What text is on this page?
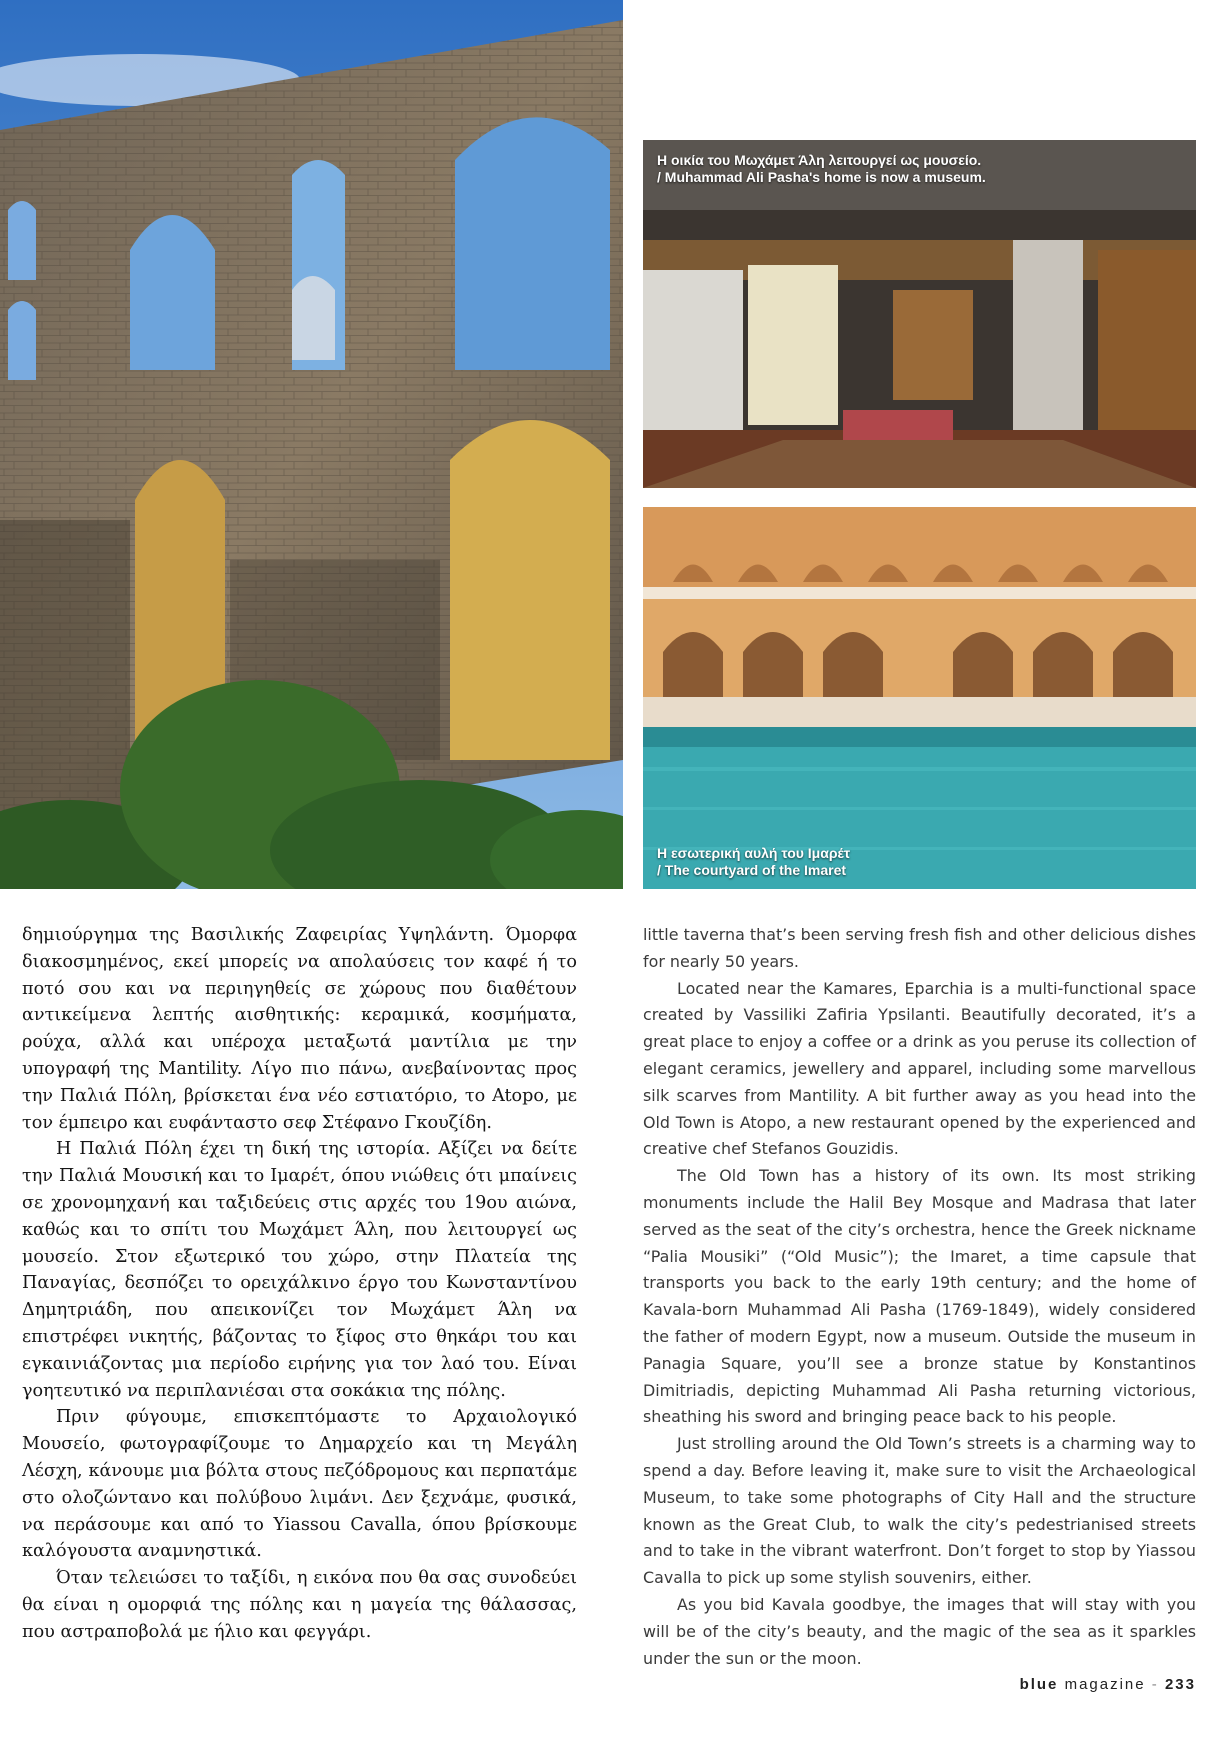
Η οικία του Μωχάμετ Άλη λειτουργεί ως μουσείο.
/ Muhammad Ali Pasha's home is now a museum.
Η εσωτερική αυλή του Ιμαρέτ
/ The courtyard of the Imaret

δημιούργημα της Βασιλικής Ζαφειρίας Υψηλάντη. Όμορφα διακοσμημένος, εκεί μπορείς να απολαύσεις τον καφέ ή το ποτό σου και να περιηγηθείς σε χώρους που διαθέτουν αντικείμενα λεπτής αισθητικής: κεραμικά, κοσμήματα, ρούχα, αλλά και υπέροχα μεταξωτά μαντίλια με την υπογραφή της Mantility. Λίγο πιο πάνω, ανεβαίνοντας προς την Παλιά Πόλη, βρίσκεται ένα νέο εστιατόριο, το Atopo, με τον έμπειρο και ευφάνταστο σεφ Στέφανο Γκουζίδη.

Η Παλιά Πόλη έχει τη δική της ιστορία. Αξίζει να δείτε την Παλιά Μουσική και το Ιμαρέτ, όπου νιώθεις ότι μπαίνεις σε χρονομηχανή και ταξιδεύεις στις αρχές του 19ου αιώνα, καθώς και το σπίτι του Μωχάμετ Άλη, που λειτουργεί ως μουσείο. Στον εξωτερικό του χώρο, στην Πλατεία της Παναγίας, δεσπόζει το ορειχάλκινο έργο του Κωνσταντίνου Δημητριάδη, που απεικονίζει τον Μωχάμετ Άλη να επιστρέφει νικητής, βάζοντας το ξίφος στο θηκάρι του και εγκαινιάζοντας μια περίοδο ειρήνης για τον λαό του. Είναι γοητευτικό να περιπλανιέσαι στα σοκάκια της πόλης.

Πριν φύγουμε, επισκεπτόμαστε το Αρχαιολογικό Μουσείο, φωτογραφίζουμε το Δημαρχείο και τη Μεγάλη Λέσχη, κάνουμε μια βόλτα στους πεζόδρομους και περπατάμε στο ολοζώντανο και πολύβουο λιμάνι. Δεν ξεχνάμε, φυσικά, να περάσουμε και από το Yiassou Cavalla, όπου βρίσκουμε καλόγουστα αναμνηστικά.

Όταν τελειώσει το ταξίδι, η εικόνα που θα σας συνοδεύει θα είναι η ομορφιά της πόλης και η μαγεία της θάλασσας, που αστραποβολά με ήλιο και φεγγάρι.

little taverna that’s been serving fresh fish and other delicious dishes for nearly 50 years.

Located near the Kamares, Eparchia is a multi-functional space created by Vassiliki Zafiria Ypsilanti. Beautifully decorated, it’s a great place to enjoy a coffee or a drink as you peruse its collection of elegant ceramics, jewellery and apparel, including some marvellous silk scarves from Mantility. A bit further away as you head into the Old Town is Atopo, a new restaurant opened by the experienced and creative chef Stefanos Gouzidis.

The Old Town has a history of its own. Its most striking monuments include the Halil Bey Mosque and Madrasa that later served as the seat of the city’s orchestra, hence the Greek nickname “Palia Mousiki” (“Old Music”); the Imaret, a time capsule that transports you back to the early 19th century; and the home of Kavala-born Muhammad Ali Pasha (1769-1849), widely considered the father of modern Egypt, now a museum. Outside the museum in Panagia Square, you’ll see a bronze statue by Konstantinos Dimitriadis, depicting Muhammad Ali Pasha returning victorious, sheathing his sword and bringing peace back to his people.

Just strolling around the Old Town’s streets is a charming way to spend a day. Before leaving it, make sure to visit the Archaeological Museum, to take some photographs of City Hall and the structure known as the Great Club, to walk the city’s pedestrianised streets and to take in the vibrant waterfront. Don’t forget to stop by Yiassou Cavalla to pick up some stylish souvenirs, either.

As you bid Kavala goodbye, the images that will stay with you will be of the city’s beauty, and the magic of the sea as it sparkles under the sun or the moon.

blue magazine - 233
